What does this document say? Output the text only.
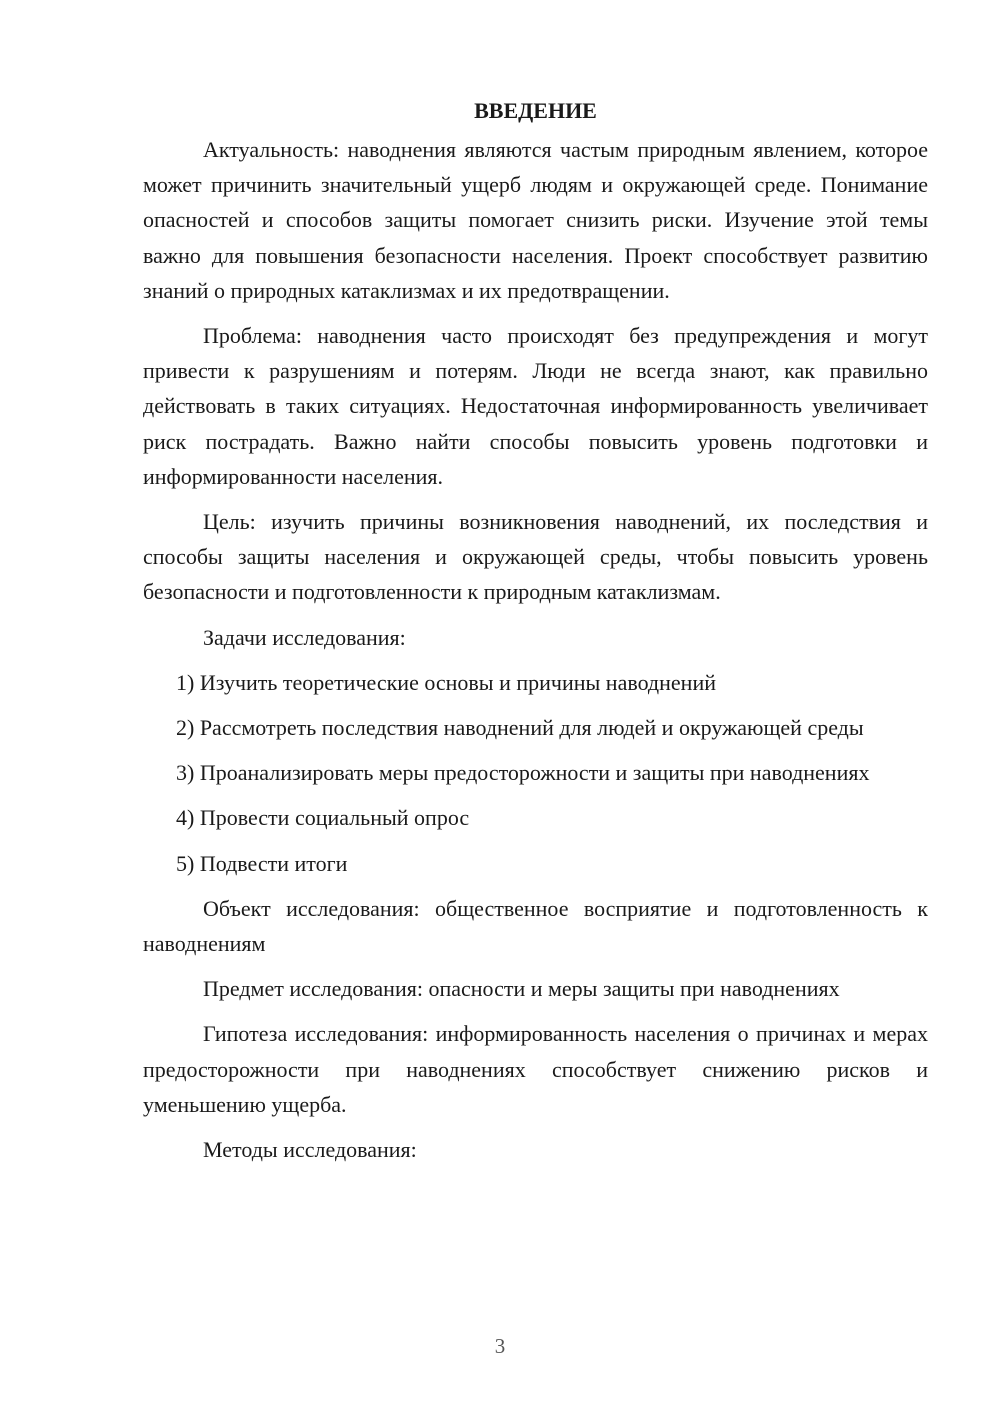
ВВЕДЕНИЕ

Актуальность: наводнения являются частым природным явлением, которое может причинить значительный ущерб людям и окружающей среде. Понимание опасностей и способов защиты помогает снизить риски. Изучение этой темы важно для повышения безопасности населения. Проект способствует развитию знаний о природных катаклизмах и их предотвращении.

Проблема: наводнения часто происходят без предупреждения и могут привести к разрушениям и потерям. Люди не всегда знают, как правильно действовать в таких ситуациях. Недостаточная информированность увеличивает риск пострадать. Важно найти способы повысить уровень подготовки и информированности населения.

Цель: изучить причины возникновения наводнений, их последствия и способы защиты населения и окружающей среды, чтобы повысить уровень безопасности и подготовленности к природным катаклизмам.

Задачи исследования:

1) Изучить теоретические основы и причины наводнений

2) Рассмотреть последствия наводнений для людей и окружающей среды

3) Проанализировать меры предосторожности и защиты при наводнениях

4) Провести социальный опрос

5) Подвести итоги

Объект исследования: общественное восприятие и подготовленность к наводнениям

Предмет исследования: опасности и меры защиты при наводнениях

Гипотеза исследования: информированность населения о причинах и мерах предосторожности при наводнениях способствует снижению рисков и уменьшению ущерба.

Методы исследования:

3
